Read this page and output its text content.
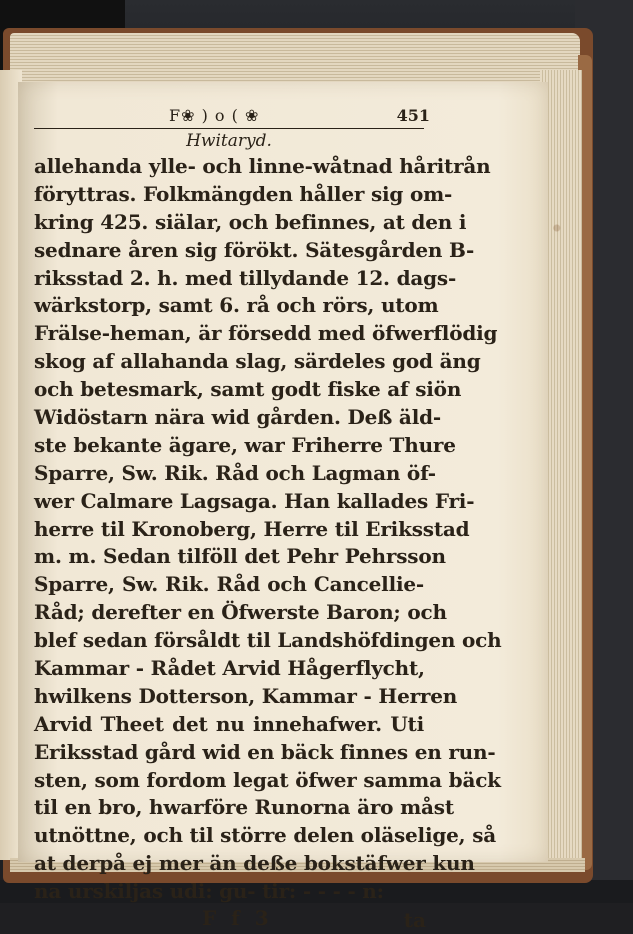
F❀ ) o ( ❀	451
Hwitaryd.
allehanda ylle- och linne-wåtnad håritrån
föryttras. Folkmängden håller sig om-
kring 425. siälar, och befinnes, at den i
sednare åren sig förökt. Sätesgården B-
riksstad 2. h. med tillydande 12. dags-
wärkstorp, samt 6. rå och rörs, utom
Frälse-heman, är försedd med öfwerflödig
skog af allahanda slag, särdeles god äng
och betesmark, samt godt fiske af siön
Widöstarn nära wid gården. Deß äld-
ste bekante ägare, war Friherre Thure
Sparre, Sw. Rik. Råd och Lagman öf-
wer Calmare Lagsaga. Han kallades Fri-
herre til Kronoberg, Herre til Eriksstad
m. m. Sedan tilföll det Pehr Pehrsson
Sparre, Sw. Rik. Råd och Cancellie-
Råd; derefter en Öfwerste Baron; och
blef sedan försåldt til Landshöfdingen och
Kammar - Rådet Arvid Hågerflycht,
hwilkens Dotterson, Kammar - Herren
Arvid Theet det nu innehafwer. Uti
Eriksstad gård wid en bäck finnes en run-
sten, som fordom legat öfwer samma bäck
til en bro, hwarföre Runorna äro måst
utnöttne, och til större delen oläselige, så
at derpå ej mer än deße bokstäfwer kun
na urskiljas udi: gu- tir: - - - - n:
F f 3	ta
